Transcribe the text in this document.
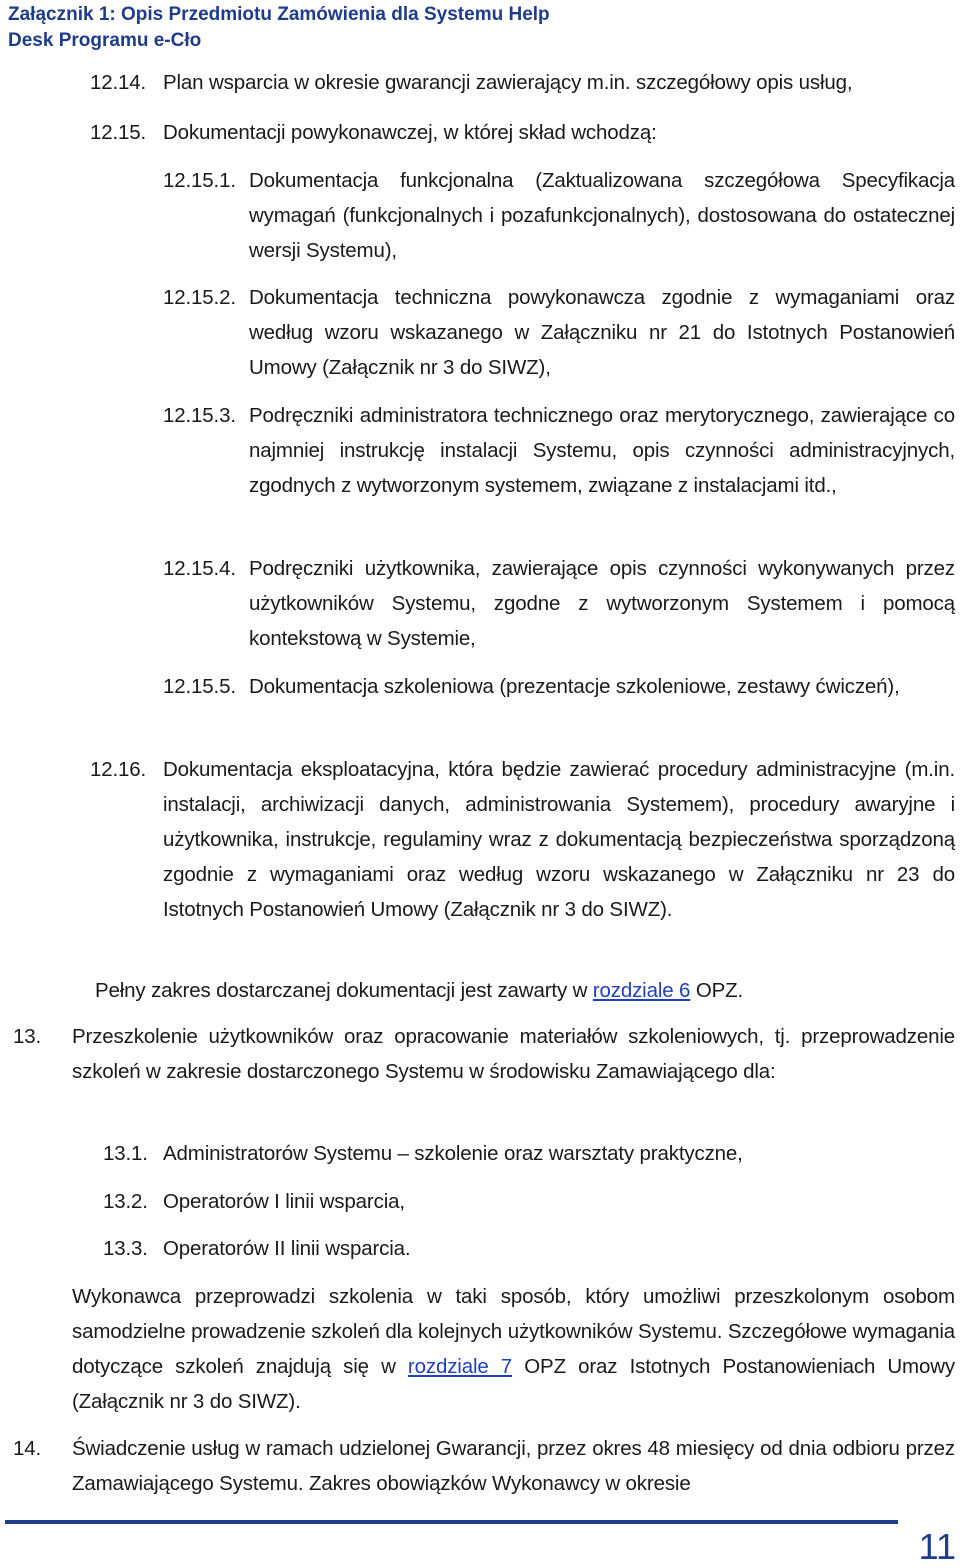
Załącznik 1: Opis Przedmiotu Zamówienia dla Systemu Help
Desk Programu e-Cło
12.14. Plan wsparcia w okresie gwarancji zawierający m.in. szczegółowy opis usług,
12.15. Dokumentacji powykonawczej, w której skład wchodzą:
12.15.1. Dokumentacja funkcjonalna (Zaktualizowana szczegółowa Specyfikacja wymagań (funkcjonalnych i pozafunkcjonalnych), dostosowana do ostatecznej wersji Systemu),
12.15.2. Dokumentacja techniczna powykonawcza zgodnie z wymaganiami oraz według wzoru wskazanego w Załączniku nr 21 do Istotnych Postanowień Umowy (Załącznik nr 3 do SIWZ),
12.15.3. Podręczniki administratora technicznego oraz merytorycznego, zawierające co najmniej instrukcję instalacji Systemu, opis czynności administracyjnych, zgodnych z wytworzonym systemem, związane z instalacjami itd.,
12.15.4. Podręczniki użytkownika, zawierające opis czynności wykonywanych przez użytkowników Systemu, zgodne z wytworzonym Systemem i pomocą kontekstową w Systemie,
12.15.5. Dokumentacja szkoleniowa (prezentacje szkoleniowe, zestawy ćwiczeń),
12.16. Dokumentacja eksploatacyjna, która będzie zawierać procedury administracyjne (m.in. instalacji, archiwizacji danych, administrowania Systemem), procedury awaryjne i użytkownika, instrukcje, regulaminy wraz z dokumentacją bezpieczeństwa sporządzoną zgodnie z wymaganiami oraz według wzoru wskazanego w Załączniku nr 23 do Istotnych Postanowień Umowy (Załącznik nr 3 do SIWZ).
Pełny zakres dostarczanej dokumentacji jest zawarty w rozdziale 6 OPZ.
13. Przeszkolenie użytkowników oraz opracowanie materiałów szkoleniowych, tj. przeprowadzenie szkoleń w zakresie dostarczonego Systemu w środowisku Zamawiającego dla:
13.1. Administratorów Systemu – szkolenie oraz warsztaty praktyczne,
13.2. Operatorów I linii wsparcia,
13.3. Operatorów II linii wsparcia.
Wykonawca przeprowadzi szkolenia w taki sposób, który umożliwi przeszkolonym osobom samodzielne prowadzenie szkoleń dla kolejnych użytkowników Systemu. Szczegółowe wymagania dotyczące szkoleń znajdują się w rozdziale 7 OPZ oraz Istotnych Postanowieniach Umowy (Załącznik nr 3 do SIWZ).
14. Świadczenie usług w ramach udzielonej Gwarancji, przez okres 48 miesięcy od dnia odbioru przez Zamawiającego Systemu. Zakres obowiązków Wykonawcy w okresie
11
